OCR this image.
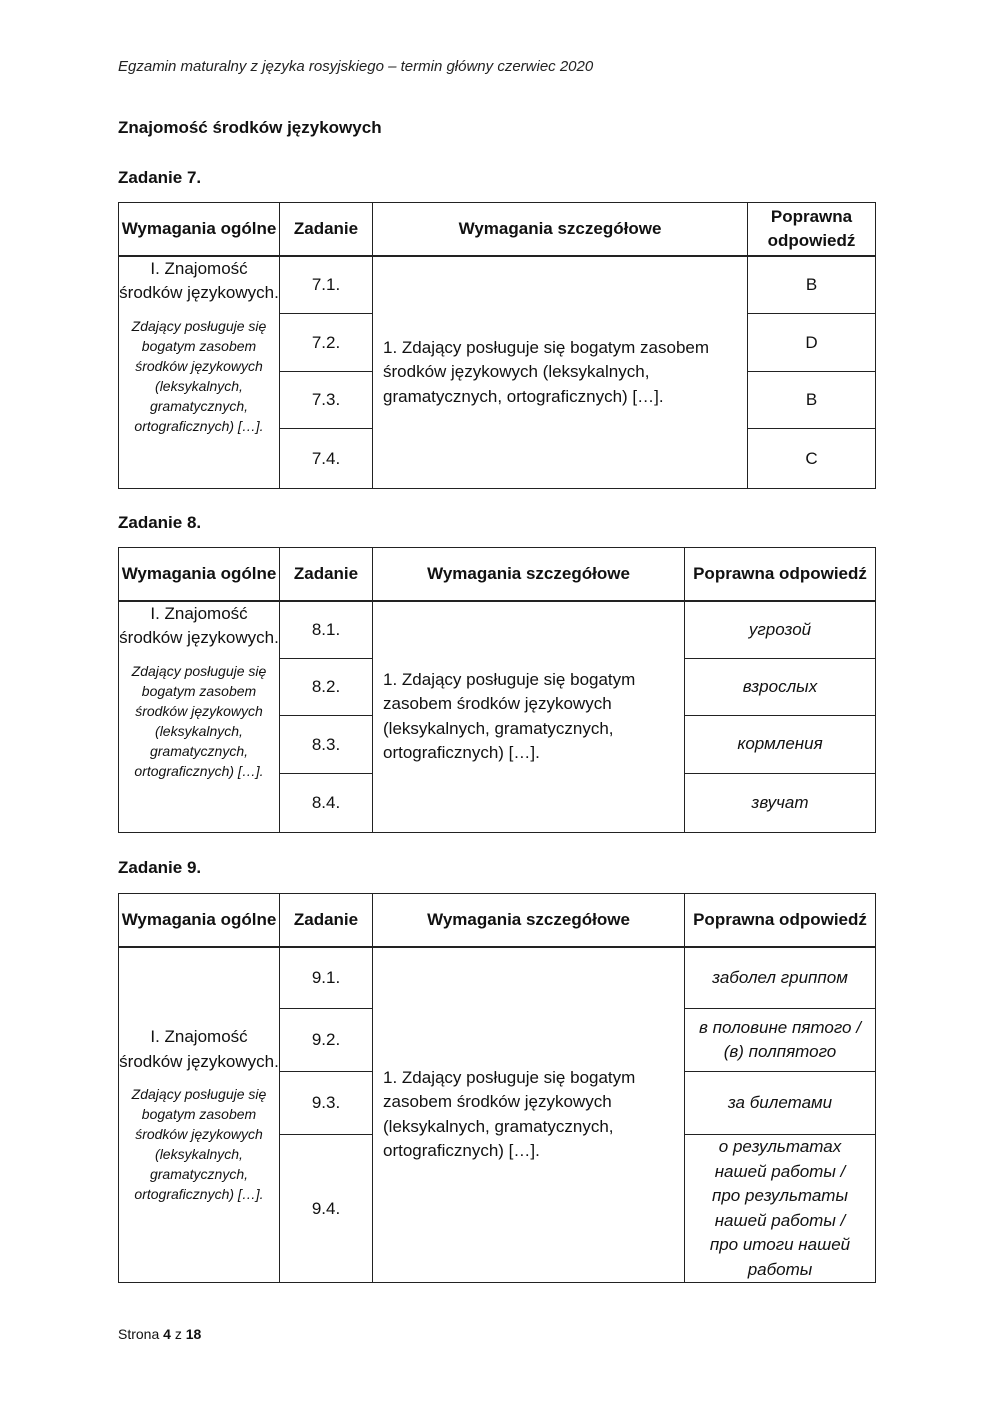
Egzamin maturalny z języka rosyjskiego – termin główny czerwiec 2020
Znajomość środków językowych
Zadanie 7.
Wymagania ogólne	Zadanie	Wymagania szczegółowe	Poprawna odpowiedź

I. Znajomość środków językowych.
Zdający posługuje się bogatym zasobem środków językowych (leksykalnych, gramatycznych, ortograficznych) […].	7.1.	1. Zdający posługuje się bogatym zasobem środków językowych (leksykalnych, gramatycznych, ortograficznych) […].	B
	7.2.		D
	7.3.		B
	7.4.		C
Zadanie 8.
Wymagania ogólne	Zadanie	Wymagania szczegółowe	Poprawna odpowiedź

I. Znajomość środków językowych.
Zdający posługuje się bogatym zasobem środków językowych (leksykalnych, gramatycznych, ortograficznych) […].	8.1.	1. Zdający posługuje się bogatym zasobem środków językowych (leksykalnych, gramatycznych, ortograficznych) […].	угрозой
	8.2.		взрослых
	8.3.		кормления
	8.4.		звучат
Zadanie 9.
Wymagania ogólne	Zadanie	Wymagania szczegółowe	Poprawna odpowiedź

I. Znajomość środków językowych.
Zdający posługuje się bogatym zasobem środków językowych (leksykalnych, gramatycznych, ortograficznych) […].	9.1.	1. Zdający posługuje się bogatym zasobem środków językowych (leksykalnych, gramatycznych, ortograficznych) […].	заболел гриппом
	9.2.		в половине пятого / (в) полпятого
	9.3.		за билетами
	9.4.		о результатах нашей работы / про результаты нашей работы / про итоги нашей работы
Strona 4 z 18
